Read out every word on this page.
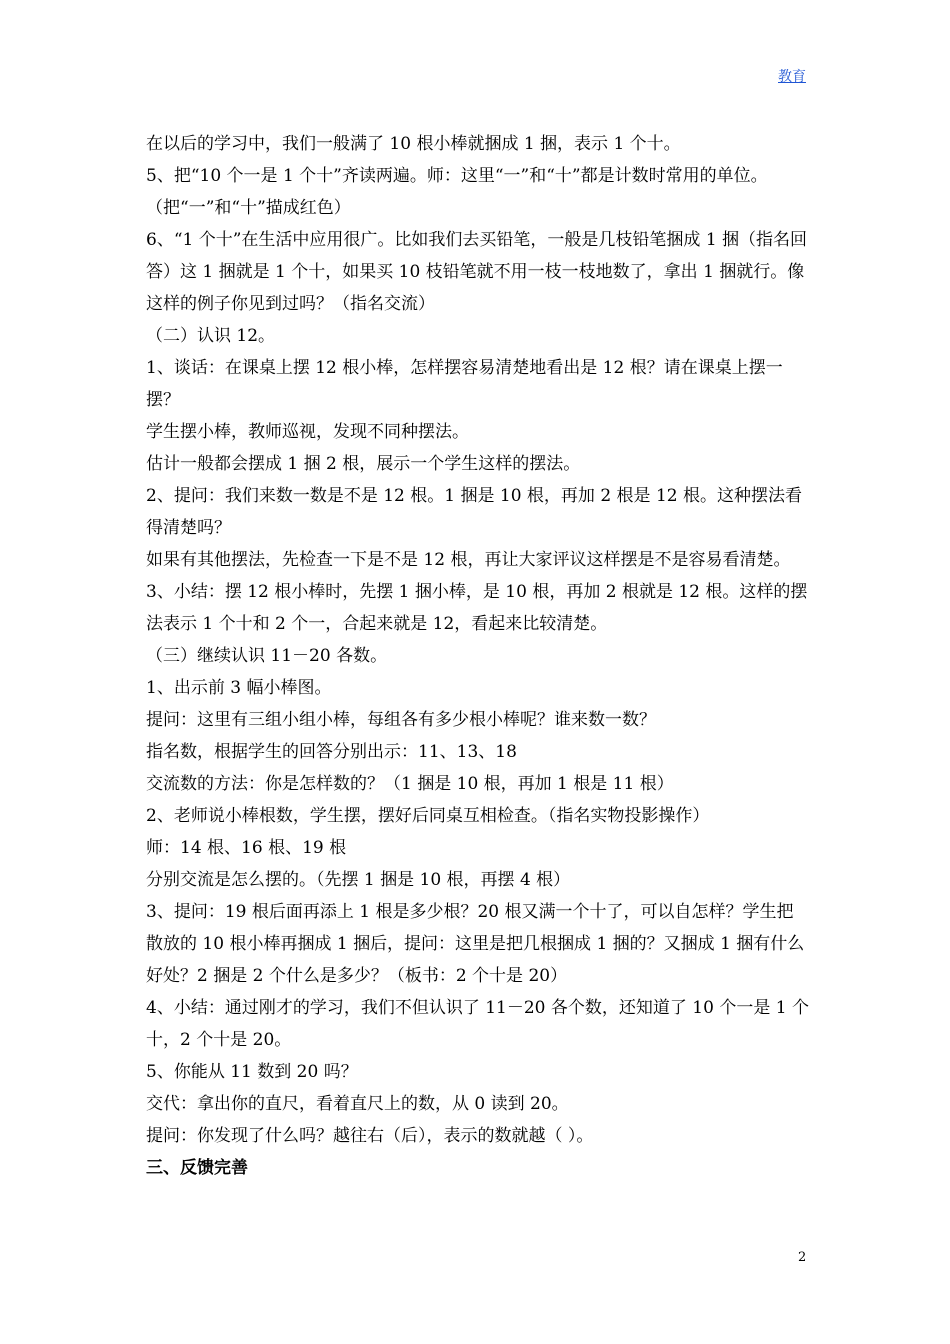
教育

在以后的学习中，我们一般满了 10 根小棒就捆成 1 捆，表示 1 个十。

5、把“10 个一是 1 个十”齐读两遍。师：这里“一”和“十”都是计数时常用的单位。（把“一”和“十”描成红色）

6、“1 个十”在生活中应用很广。比如我们去买铅笔，一般是几枝铅笔捆成 1 捆（指名回答）这 1 捆就是 1 个十，如果买 10 枝铅笔就不用一枝一枝地数了，拿出 1 捆就行。像这样的例子你见到过吗？（指名交流）

（二）认识 12。

1、谈话：在课桌上摆 12 根小棒，怎样摆容易清楚地看出是 12 根？请在课桌上摆一摆？

学生摆小棒，教师巡视，发现不同种摆法。

估计一般都会摆成 1 捆 2 根，展示一个学生这样的摆法。

2、提问：我们来数一数是不是 12 根。1 捆是 10 根，再加 2 根是 12 根。这种摆法看得清楚吗？

如果有其他摆法，先检查一下是不是 12 根，再让大家评议这样摆是不是容易看清楚。

3、小结：摆 12 根小棒时，先摆 1 捆小棒，是 10 根，再加 2 根就是 12 根。这样的摆法表示 1 个十和 2 个一，合起来就是 12，看起来比较清楚。

（三）继续认识 11－20 各数。

1、出示前 3 幅小棒图。

提问：这里有三组小组小棒，每组各有多少根小棒呢？谁来数一数？

指名数，根据学生的回答分别出示：11、13、18

交流数的方法：你是怎样数的？（1 捆是 10 根，再加 1 根是 11 根）

2、老师说小棒根数，学生摆，摆好后同桌互相检查。（指名实物投影操作）

师：14 根、16 根、19 根

分别交流是怎么摆的。（先摆 1 捆是 10 根，再摆 4 根）

3、提问：19 根后面再添上 1 根是多少根？20 根又满一个十了，可以自怎样？学生把散放的 10 根小棒再捆成 1 捆后，提问：这里是把几根捆成 1 捆的？又捆成 1 捆有什么好处？2 捆是 2 个什么是多少？（板书：2 个十是 20）

4、小结：通过刚才的学习，我们不但认识了 11－20 各个数，还知道了 10 个一是 1 个十，2 个十是 20。

5、你能从 11 数到 20 吗？

交代：拿出你的直尺，看着直尺上的数，从 0 读到 20。

提问：你发现了什么吗？越往右（后），表示的数就越（ ）。

三、反馈完善

2
